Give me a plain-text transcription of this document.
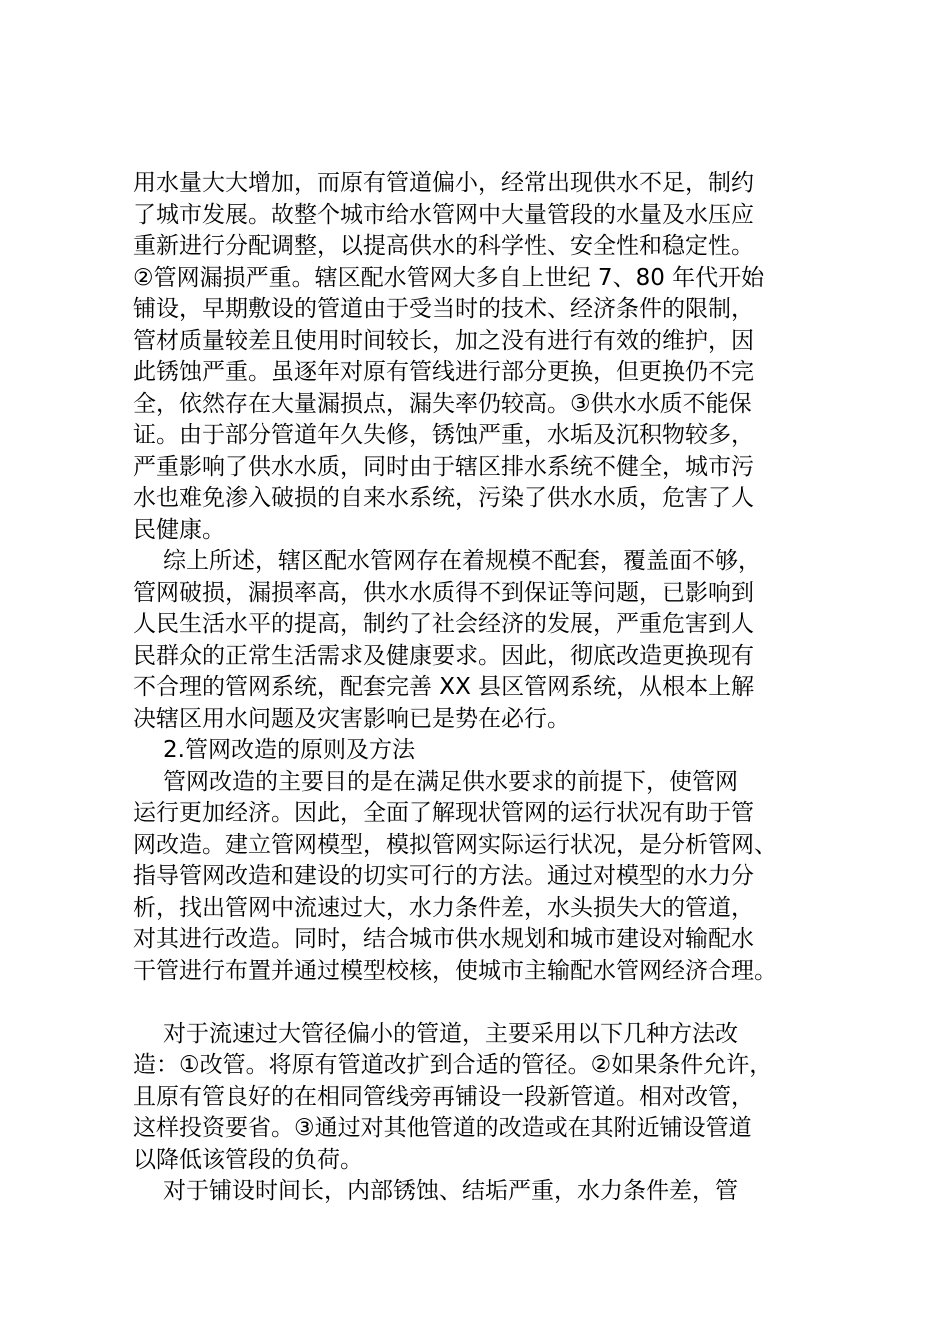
用水量大大增加，而原有管道偏小，经常出现供水不足，制约
了城市发展。故整个城市给水管网中大量管段的水量及水压应
重新进行分配调整，以提高供水的科学性、安全性和稳定性。
②管网漏损严重。辖区配水管网大多自上世纪 7、80 年代开始
铺设，早期敷设的管道由于受当时的技术、经济条件的限制，
管材质量较差且使用时间较长，加之没有进行有效的维护，因
此锈蚀严重。虽逐年对原有管线进行部分更换，但更换仍不完
全，依然存在大量漏损点，漏失率仍较高。③供水水质不能保
证。由于部分管道年久失修，锈蚀严重，水垢及沉积物较多，
严重影响了供水水质，同时由于辖区排水系统不健全，城市污
水也难免渗入破损的自来水系统，污染了供水水质，危害了人
民健康。
综上所述，辖区配水管网存在着规模不配套，覆盖面不够，
管网破损，漏损率高，供水水质得不到保证等问题，已影响到
人民生活水平的提高，制约了社会经济的发展，严重危害到人
民群众的正常生活需求及健康要求。因此，彻底改造更换现有
不合理的管网系统，配套完善 XX 县区管网系统，从根本上解
决辖区用水问题及灾害影响已是势在必行。
2.管网改造的原则及方法
管网改造的主要目的是在满足供水要求的前提下，使管网
运行更加经济。因此，全面了解现状管网的运行状况有助于管
网改造。建立管网模型，模拟管网实际运行状况，是分析管网、
指导管网改造和建设的切实可行的方法。通过对模型的水力分
析，找出管网中流速过大，水力条件差，水头损失大的管道，
对其进行改造。同时，结合城市供水规划和城市建设对输配水
干管进行布置并通过模型校核，使城市主输配水管网经济合理。
对于流速过大管径偏小的管道，主要采用以下几种方法改
造：①改管。将原有管道改扩到合适的管径。②如果条件允许，
且原有管良好的在相同管线旁再铺设一段新管道。相对改管，
这样投资要省。③通过对其他管道的改造或在其附近铺设管道
以降低该管段的负荷。
对于铺设时间长，内部锈蚀、结垢严重，水力条件差，管
